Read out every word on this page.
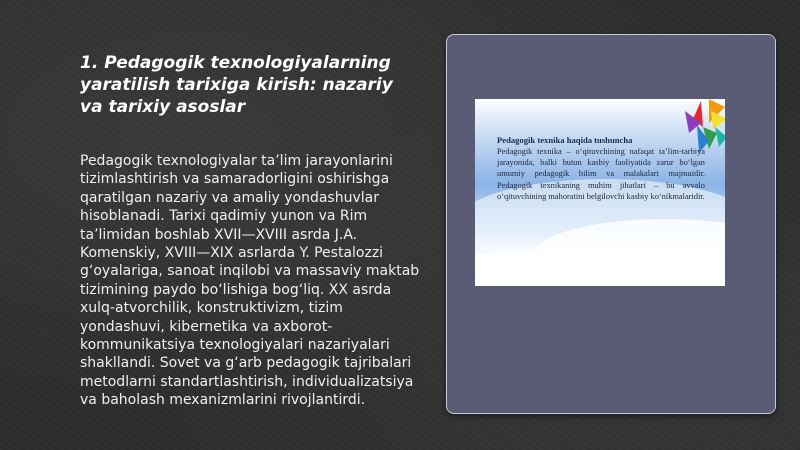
1. Pedagogik texnologiyalarning yaratilish tarixiga kirish: nazariy va tarixiy asoslar

Pedagogik texnologiyalar ta’lim jarayonlarini tizimlashtirish va samaradorligini oshirishga qaratilgan nazariy va amaliy yondashuvlar hisoblanadi. Tarixi qadimiy yunon va Rim ta’limidan boshlab XVII—XVIII asrda J.A. Komenskiy, XVIII—XIX asrlarda Y. Pestalozzi g‘oyalariga, sanoat inqilobi va massaviy maktab tizimining paydo bo‘lishiga bog‘liq. XX asrda xulq-atvorchilik, konstruktivizm, tizim yondashuvi, kibernetika va axborot-kommunikatsiya texnologiyalari nazariyalari shakllandi. Sovet va g‘arb pedagogik tajribalari metodlarni standartlashtirish, individualizatsiya va baholash mexanizmlarini rivojlantirdi.

Pedagogik texnika haqida tushuncha

Pedagogik texnika – o‘qituvchining nafaqat ta’lim-tarbiya jarayonida, balki butun kasbiy faoliyatida zarur bo‘lgan umumiy pedagogik bilim va malakalari majmuidir. Pedagogik texnikaning muhim jihatlari – bu avvalo o‘qituvchining mahoratini belgilovchi kasbiy ko‘nikmalaridir.
